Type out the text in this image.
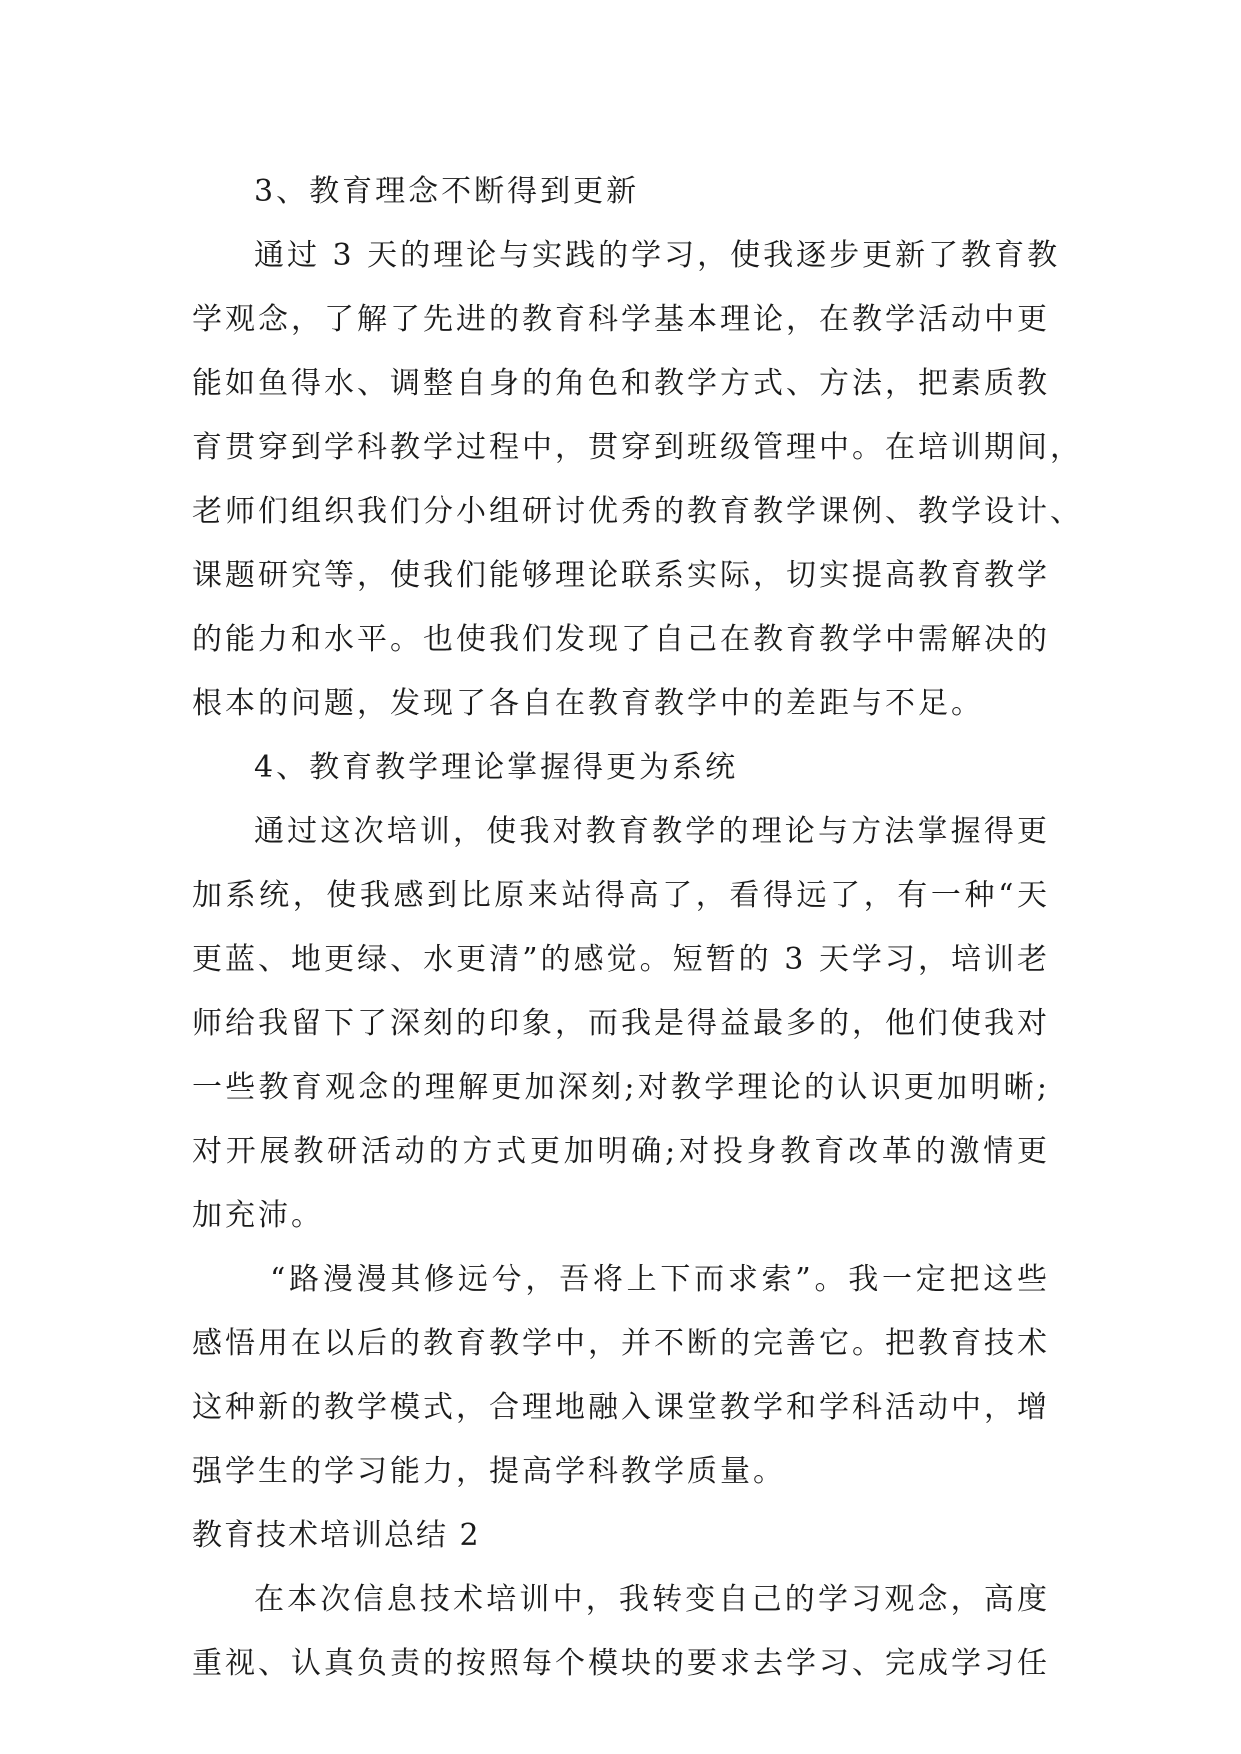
3、教育理念不断得到更新
通过 3 天的理论与实践的学习，使我逐步更新了教育教
学观念，了解了先进的教育科学基本理论，在教学活动中更
能如鱼得水、调整自身的角色和教学方式、方法，把素质教
育贯穿到学科教学过程中，贯穿到班级管理中。在培训期间，
老师们组织我们分小组研讨优秀的教育教学课例、教学设计、
课题研究等，使我们能够理论联系实际，切实提高教育教学
的能力和水平。也使我们发现了自己在教育教学中需解决的
根本的问题，发现了各自在教育教学中的差距与不足。
4、教育教学理论掌握得更为系统
通过这次培训，使我对教育教学的理论与方法掌握得更
加系统，使我感到比原来站得高了，看得远了，有一种“天
更蓝、地更绿、水更清”的感觉。短暂的 3 天学习，培训老
师给我留下了深刻的印象，而我是得益最多的，他们使我对
一些教育观念的理解更加深刻;对教学理论的认识更加明晰;
对开展教研活动的方式更加明确;对投身教育改革的激情更
加充沛。
“路漫漫其修远兮，吾将上下而求索”。我一定把这些
感悟用在以后的教育教学中，并不断的完善它。把教育技术
这种新的教学模式，合理地融入课堂教学和学科活动中，增
强学生的学习能力，提高学科教学质量。
教育技术培训总结 2
在本次信息技术培训中，我转变自己的学习观念，高度
重视、认真负责的按照每个模块的要求去学习、完成学习任
